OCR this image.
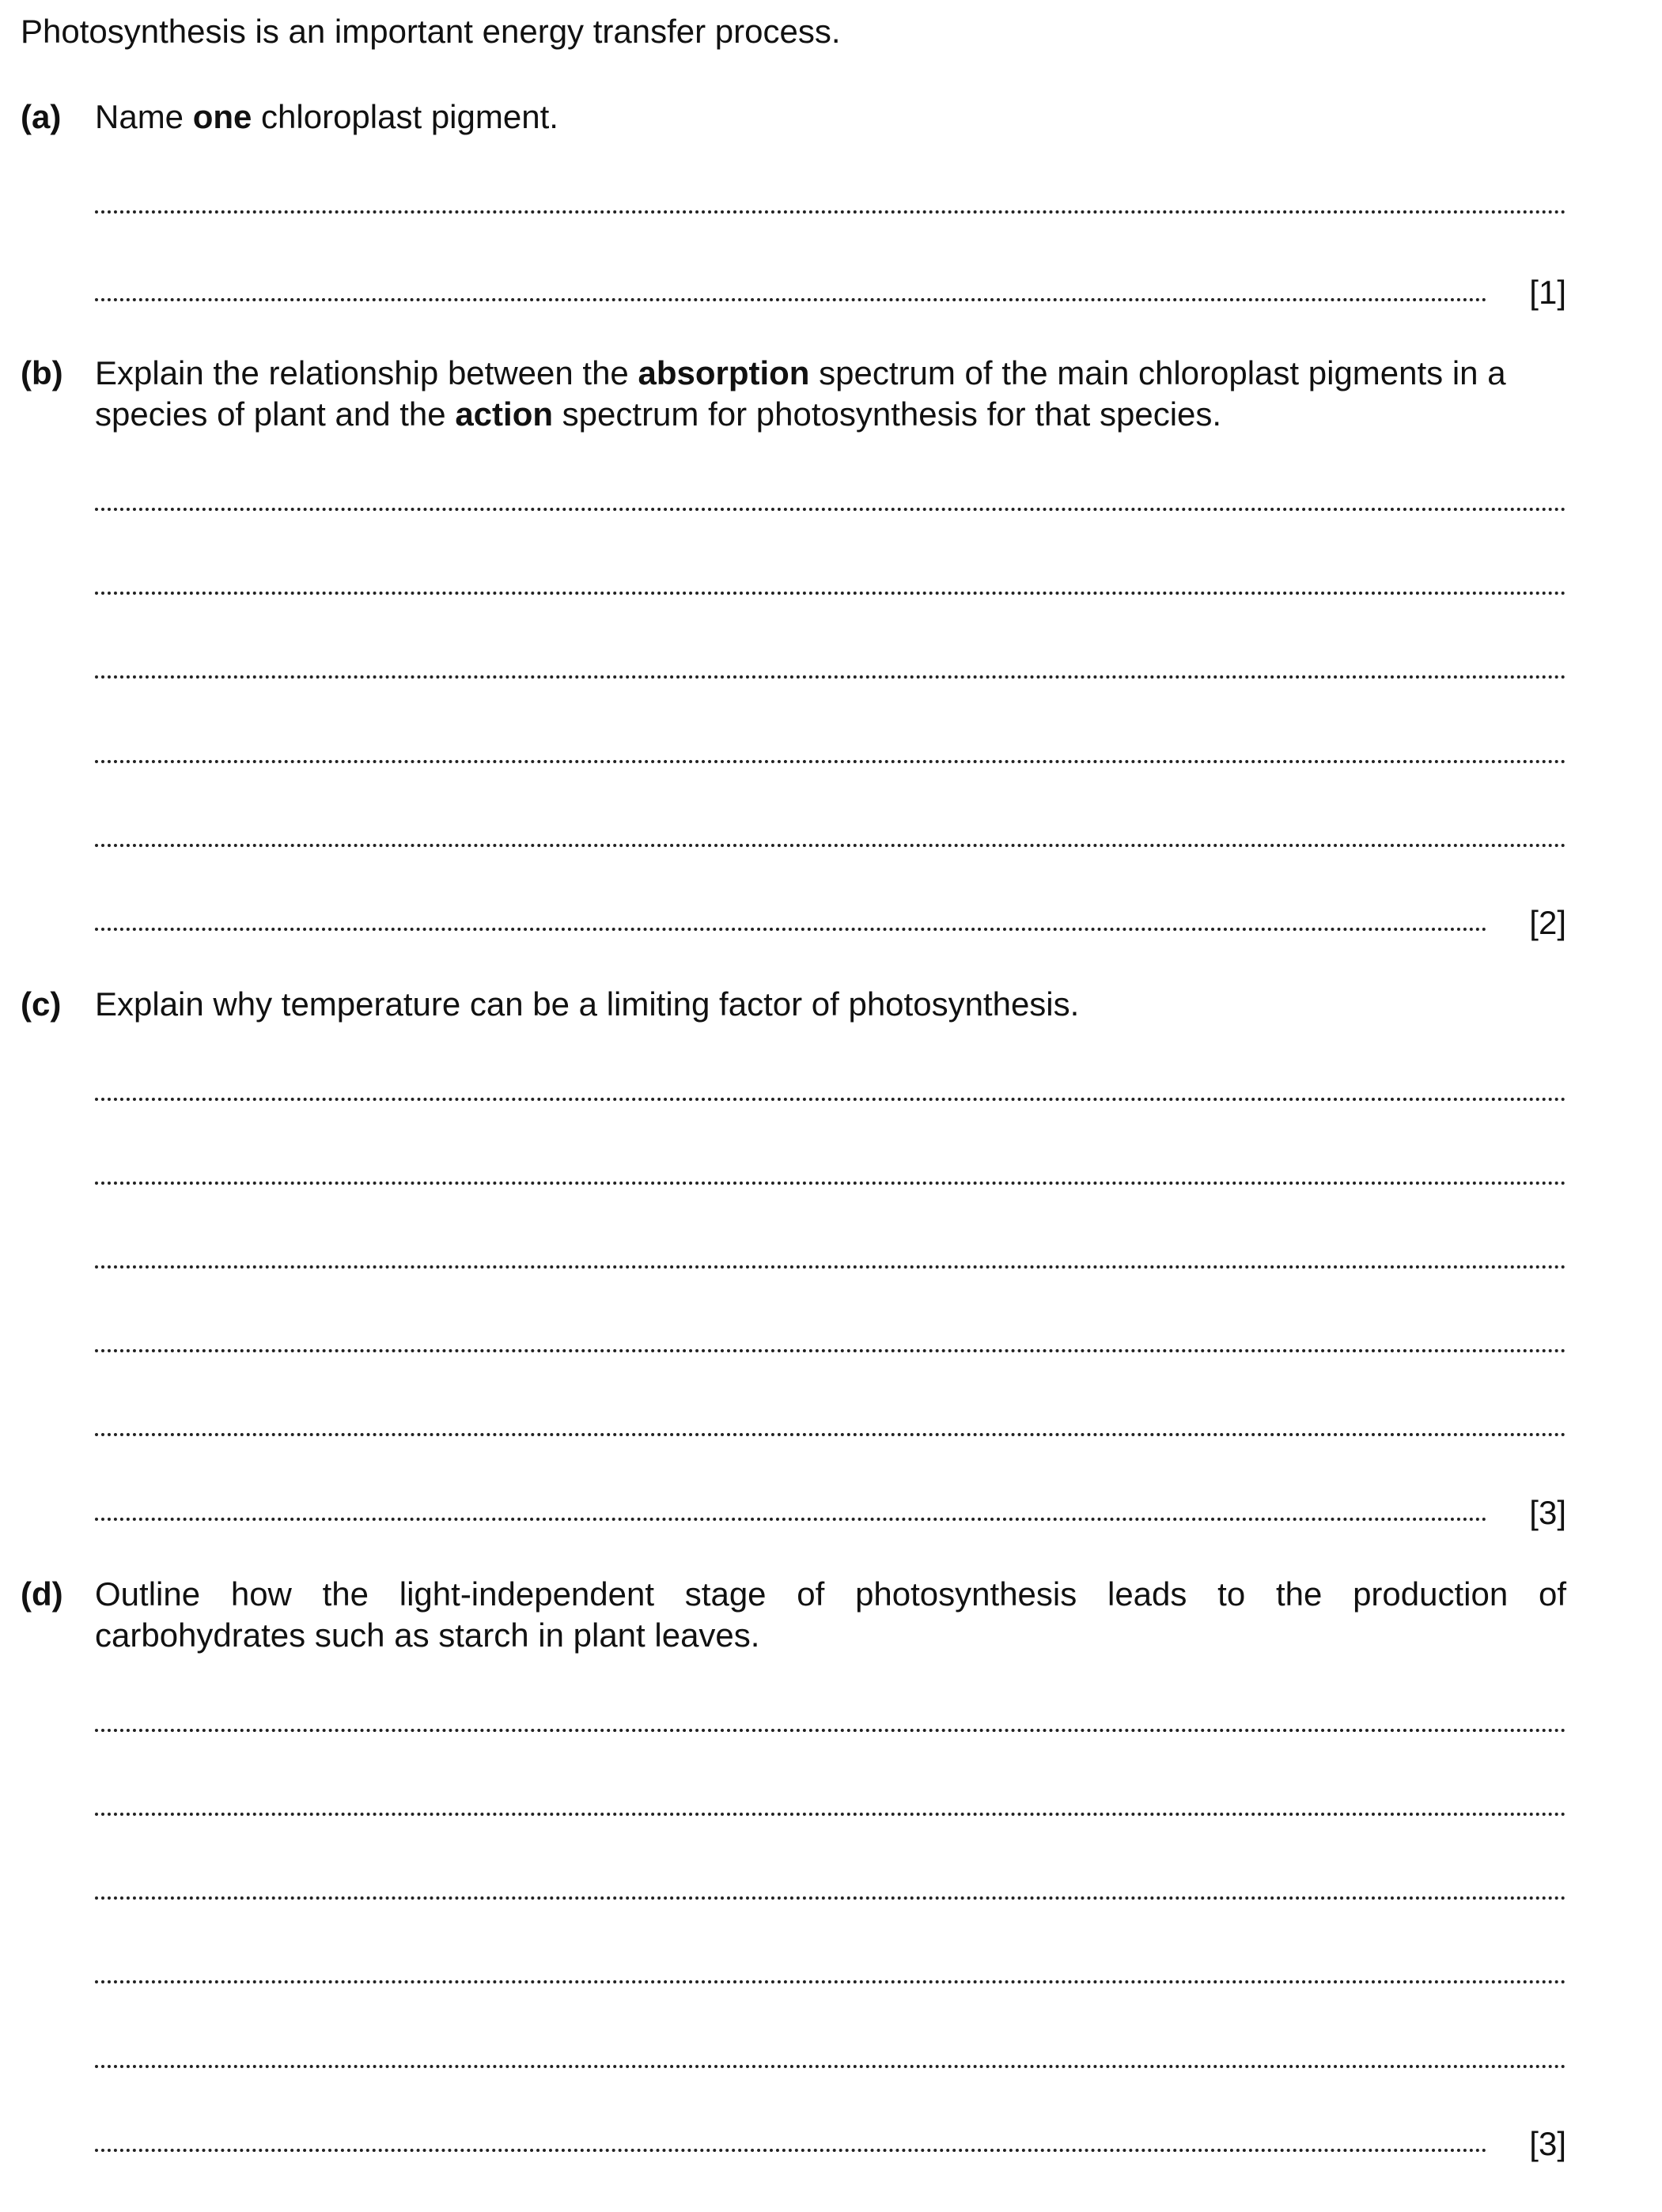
Photosynthesis is an important energy transfer process.
(a) Name one chloroplast pigment.
[1]
(b) Explain the relationship between the absorption spectrum of the main chloroplast pigments in a species of plant and the action spectrum for photosynthesis for that species.
[2]
(c) Explain why temperature can be a limiting factor of photosynthesis.
[3]
(d) Outline how the light-independent stage of photosynthesis leads to the production of
carbohydrates such as starch in plant leaves.
[3]
